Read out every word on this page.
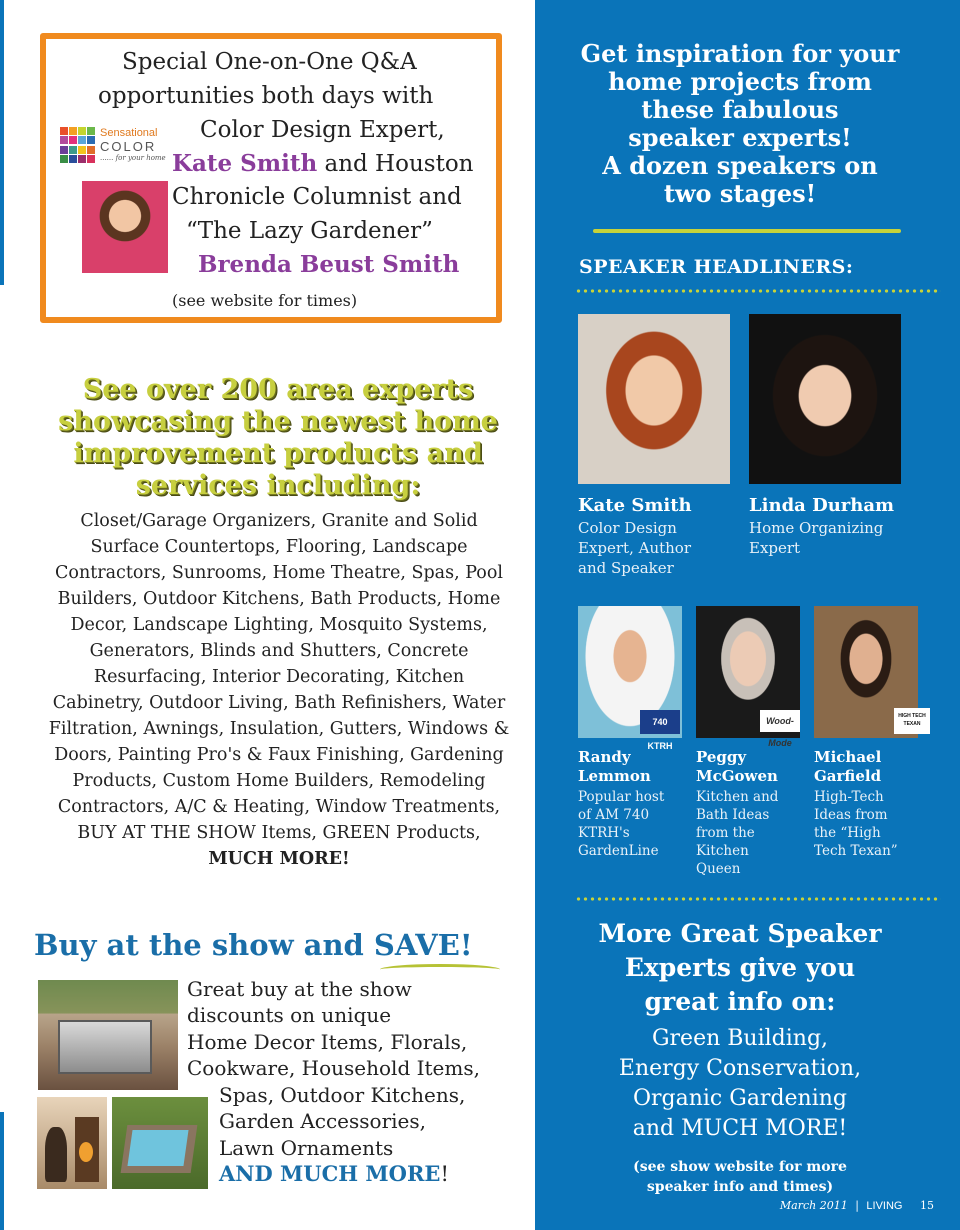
Special One-on-One Q&A
opportunities both days with
Color Design Expert,
Kate Smith and Houston
Chronicle Columnist and
“The Lazy Gardener”
Brenda Beust Smith
(see website for times)
Sensational
COLOR
...... for your home
See over 200 area experts showcasing the newest home improvement products and services including:
Closet/Garage Organizers, Granite and Solid Surface Countertops, Flooring, Landscape Contractors, Sunrooms, Home Theatre, Spas, Pool Builders, Outdoor Kitchens, Bath Products, Home Decor, Landscape Lighting, Mosquito Systems, Generators, Blinds and Shutters, Concrete Resurfacing, Interior Decorating, Kitchen Cabinetry, Outdoor Living, Bath Refinishers, Water Filtration, Awnings, Insulation, Gutters, Windows & Doors, Painting Pro's & Faux Finishing, Gardening Products, Custom Home Builders, Remodeling Contractors, A/C & Heating, Window Treatments, BUY AT THE SHOW Items, GREEN Products, MUCH MORE!
Buy at the show and SAVE!
Great buy at the show
discounts on unique
Home Decor Items, Florals,
Cookware, Household Items,
Spas, Outdoor Kitchens,
Garden Accessories,
Lawn Ornaments
AND MUCH MORE!
Get inspiration for your
home projects from
these fabulous
speaker experts!
A dozen speakers on
two stages!
SPEAKER HEADLINERS:
Kate Smith
Color Design
Expert, Author
and Speaker
Linda Durham
Home Organizing
Expert
740 KTRH
Wood-Mode
HIGH TECH TEXAN
Randy
Lemmon
Popular host
of AM 740
KTRH's
GardenLine
Peggy
McGowen
Kitchen and
Bath Ideas
from the
Kitchen
Queen
Michael
Garfield
High-Tech
Ideas from
the “High
Tech Texan”
More Great Speaker
Experts give you
great info on:
Green Building,
Energy Conservation,
Organic Gardening
and MUCH MORE!
(see show website for more
speaker info and times)
March 2011 | LIVING 15
